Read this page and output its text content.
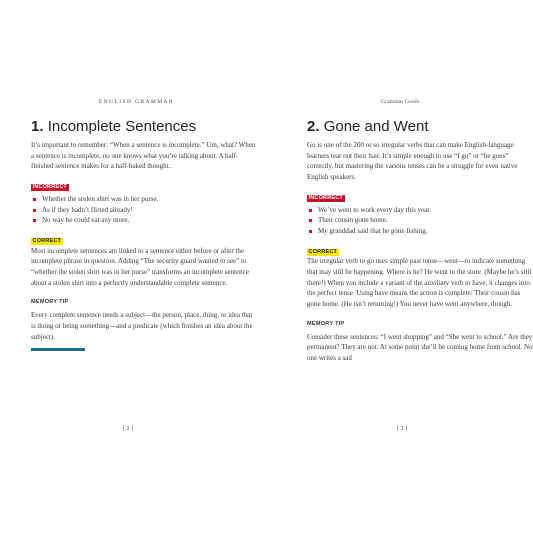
ENGLISH GRAMMAR
1. Incomplete Sentences

It’s important to remember: “When a sentence is incomplete.” Um, what? When a sentence is incomplete, no one knows what you’re talking about. A half-finished sentence makes for a half-baked thought.

INCORRECT
Whether the stolen shirt was in her purse.
As if they hadn’t flirted already!
No way he could eat any more.
CORRECT

Most incomplete sentences are linked to a sentence either before or after the incomplete phrase in question. Adding “The security guard wanted to see” to “whether the stolen shirt was in her purse” transforms an incomplete sentence about a stolen shirt into a perfectly understandable complete sentence.

MEMORY TIP

Every complete sentence needs a subject—the person, place, thing, or idea that is doing or being something—and a predicate (which finishes an idea about the subject).

[ 2 ]
Grammar Goofs
2. Gone and Went

Go is one of the 200 or so irregular verbs that can make English-language learners tear out their hair. It’s simple enough to use “I go” or “he goes” correctly, but mastering the various tenses can be a struggle for even native English speakers.

INCORRECT
We’ve went to work every day this year.
Their cousin gone home.
My granddad said that he gone fishing.
CORRECT

The irregular verb to go uses simple past tense—went—to indicate something that may still be happening. Where is he? He went to the store. (Maybe he’s still there!) When you include a variant of the auxiliary verb to have, it changes into the perfect tense. Using have means the action is complete: Their cousin has gone home. (He isn’t returning!) You never have went anywhere, though.

MEMORY TIP

Consider these sentences: “I went shopping” and “She went to school.” Are they permanent? They are not. At some point she’ll be coming home from school. No one writes a sad

[ 3 ]
